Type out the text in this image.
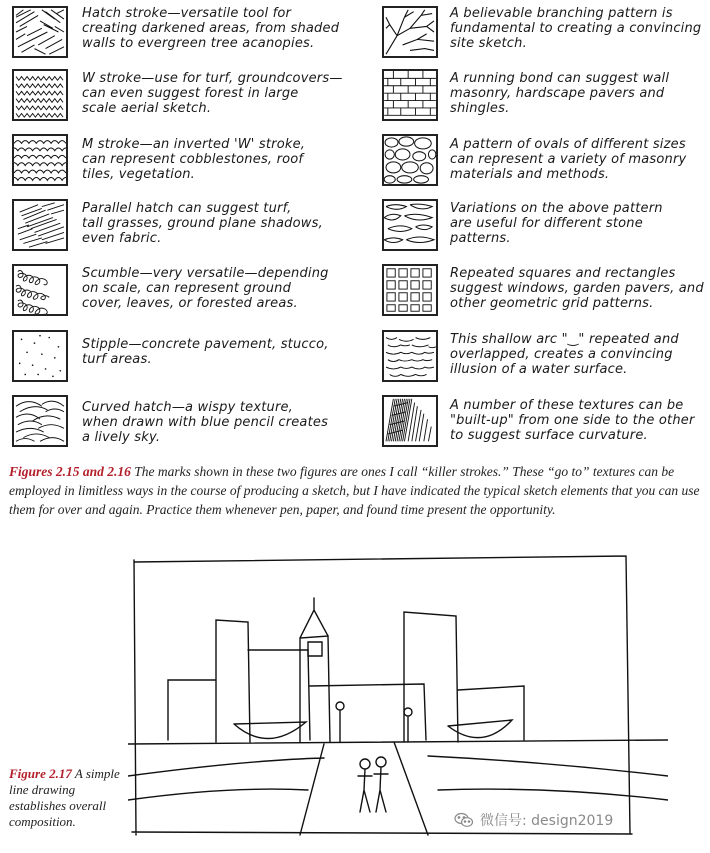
Hatch stroke—versatile tool for
creating darkened areas, from shaded
walls to evergreen tree acanopies.
W stroke—use for turf, groundcovers—
can even suggest forest in large
scale aerial sketch.
M stroke—an inverted 'W' stroke,
can represent cobblestones, roof
tiles, vegetation.
Parallel hatch can suggest turf,
tall grasses, ground plane shadows,
even fabric.
Scumble—very versatile—depending
on scale, can represent ground
cover, leaves, or forested areas.
Stipple—concrete pavement, stucco,
turf areas.
Curved hatch—a wispy texture,
when drawn with blue pencil creates
a lively sky.
A believable branching pattern is
fundamental to creating a convincing
site sketch.
A running bond can suggest wall
masonry, hardscape pavers and
shingles.
A pattern of ovals of different sizes
can represent a variety of masonry
materials and methods.
Variations on the above pattern
are useful for different stone
patterns.
Repeated squares and rectangles
suggest windows, garden pavers, and
other geometric grid patterns.
This shallow arc "‿" repeated and
overlapped, creates a convincing
illusion of a water surface.
A number of these textures can be
"built-up" from one side to the other
to suggest surface curvature.
Figures 2.15 and 2.16 The marks shown in these two figures are ones I call “killer strokes.” These “go to” textures can be employed in limitless ways in the course of producing a sketch, but I have indicated the typical sketch elements that you can use them for over and again. Practice them whenever pen, paper, and found time present the opportunity.
Figure 2.17 A simple line drawing establishes overall composition.	微信号: design2019
